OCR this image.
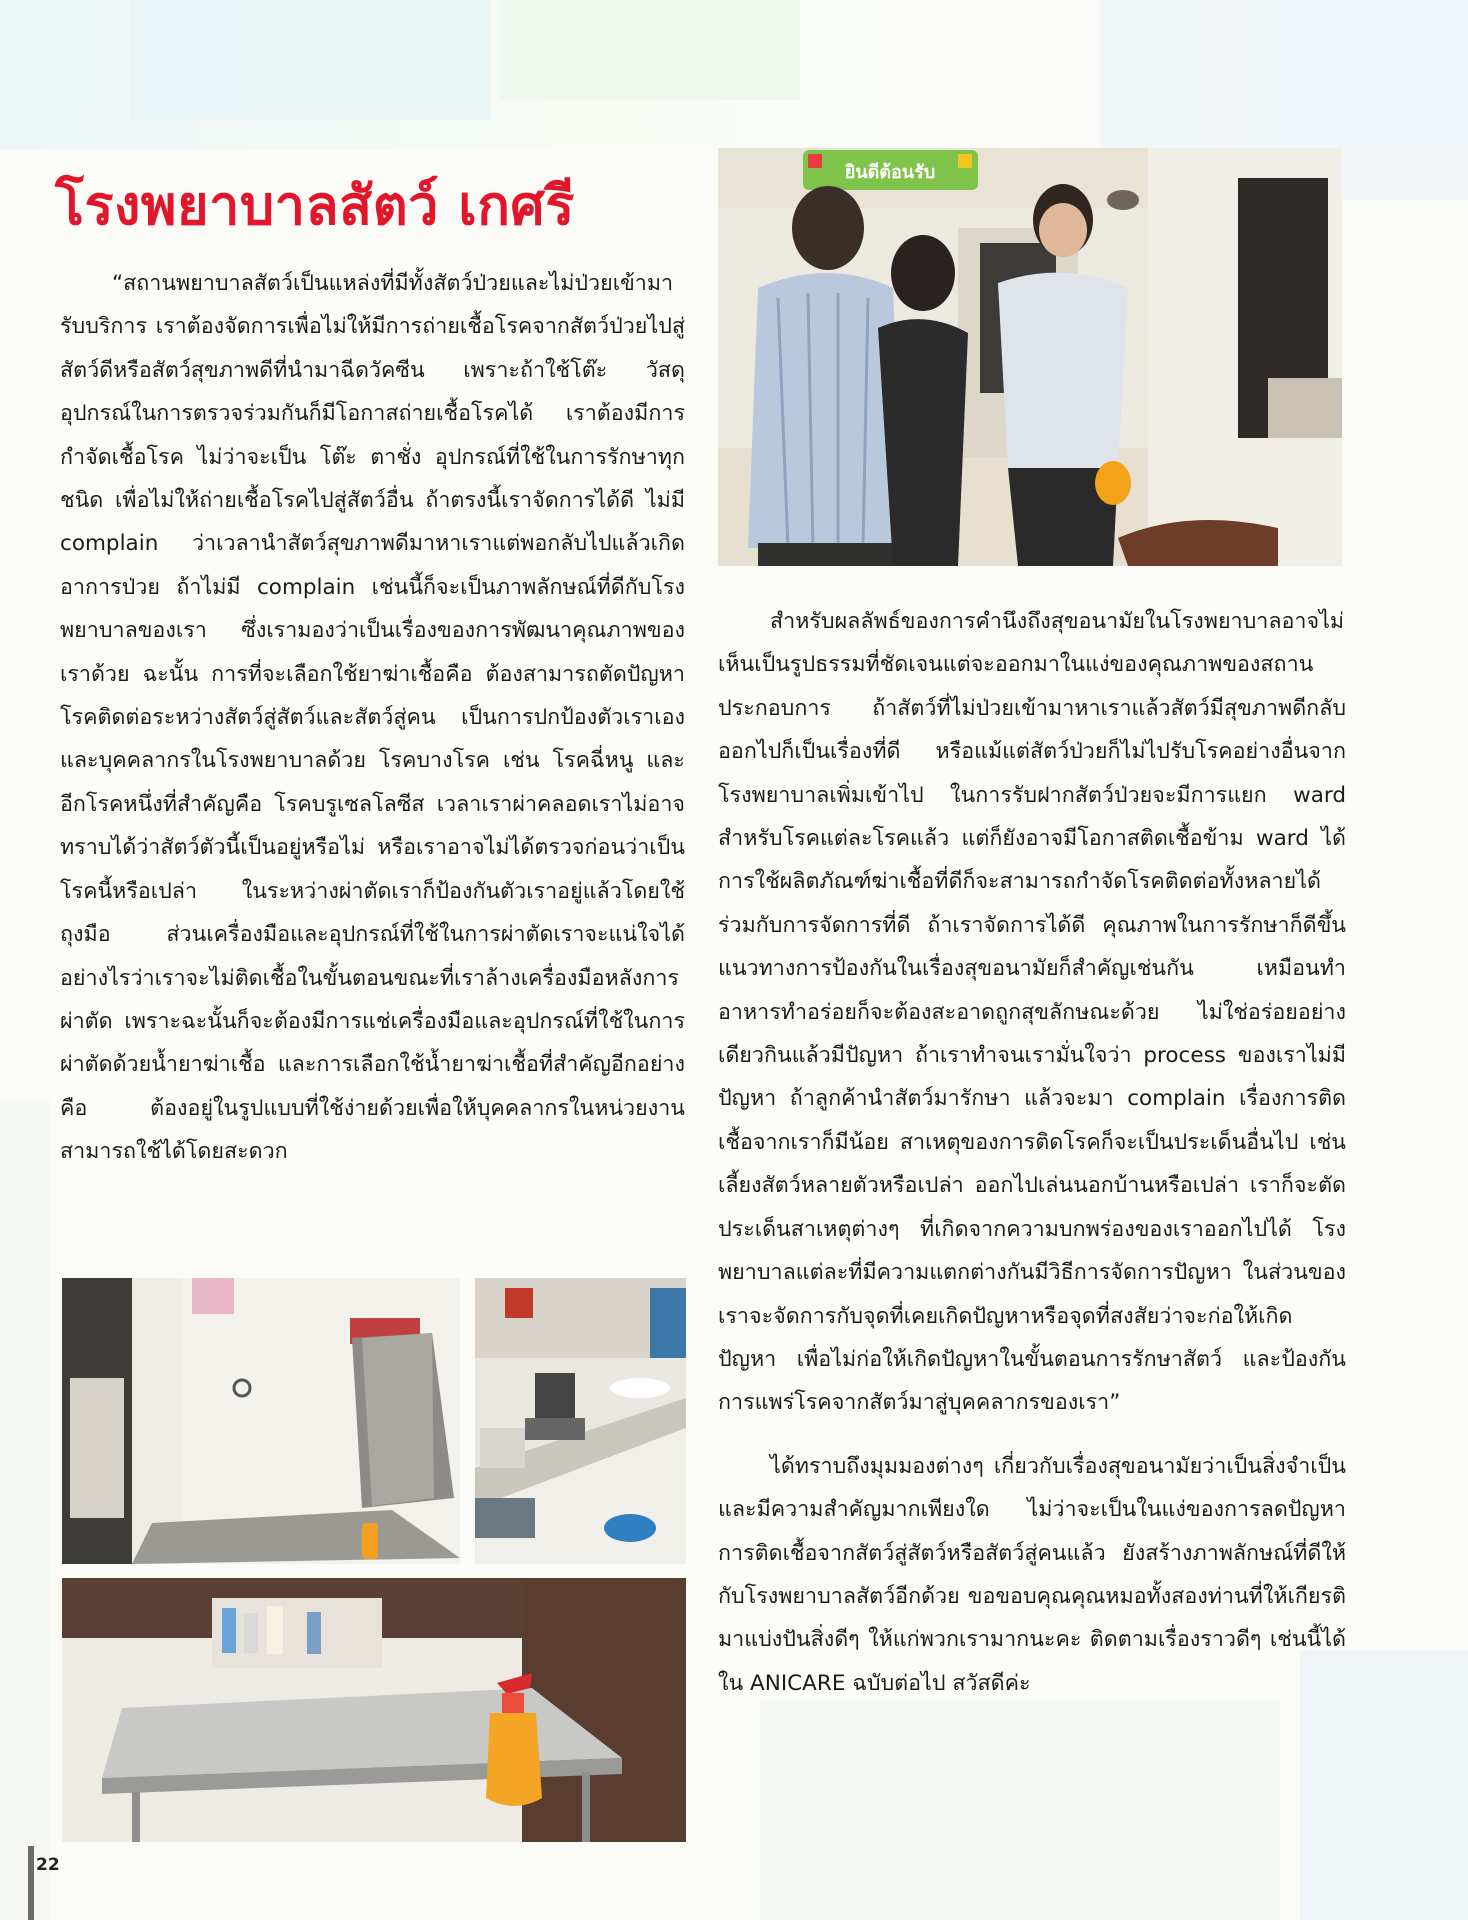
โรงพยาบาลสัตว์ เกศรี

“สถานพยาบาลสัตว์เป็นแหล่งที่มีทั้งสัตว์ป่วยและไม่ป่วยเข้ามารับบริการ เราต้องจัดการเพื่อไม่ให้มีการถ่ายเชื้อโรคจากสัตว์ป่วยไปสู่สัตว์ดีหรือสัตว์สุขภาพดีที่นำมาฉีดวัคซีน เพราะถ้าใช้โต๊ะ วัสดุอุปกรณ์ในการตรวจร่วมกันก็มีโอกาสถ่ายเชื้อโรคได้ เราต้องมีการกำจัดเชื้อโรค ไม่ว่าจะเป็น โต๊ะ ตาชั่ง อุปกรณ์ที่ใช้ในการรักษาทุกชนิด เพื่อไม่ให้ถ่ายเชื้อโรคไปสู่สัตว์อื่น ถ้าตรงนี้เราจัดการได้ดี ไม่มี complain ว่าเวลานำสัตว์สุขภาพดีมาหาเราแต่พอกลับไปแล้วเกิดอาการป่วย ถ้าไม่มี complain เช่นนี้ก็จะเป็นภาพลักษณ์ที่ดีกับโรงพยาบาลของเรา ซึ่งเรามองว่าเป็นเรื่องของการพัฒนาคุณภาพของเราด้วย ฉะนั้น การที่จะเลือกใช้ยาฆ่าเชื้อคือ ต้องสามารถตัดปัญหาโรคติดต่อระหว่างสัตว์สู่สัตว์และสัตว์สู่คน เป็นการปกป้องตัวเราเองและบุคคลากรในโรงพยาบาลด้วย โรคบางโรค เช่น โรคฉี่หนู และอีกโรคหนึ่งที่สำคัญคือ โรคบรูเซลโลซีส เวลาเราผ่าคลอดเราไม่อาจทราบได้ว่าสัตว์ตัวนี้เป็นอยู่หรือไม่ หรือเราอาจไม่ได้ตรวจก่อนว่าเป็นโรคนี้หรือเปล่า ในระหว่างผ่าตัดเราก็ป้องกันตัวเราอยู่แล้วโดยใช้ถุงมือ ส่วนเครื่องมือและอุปกรณ์ที่ใช้ในการผ่าตัดเราจะแน่ใจได้อย่างไรว่าเราจะไม่ติดเชื้อในขั้นตอนขณะที่เราล้างเครื่องมือหลังการผ่าตัด เพราะฉะนั้นก็จะต้องมีการแช่เครื่องมือและอุปกรณ์ที่ใช้ในการผ่าตัดด้วยน้ำยาฆ่าเชื้อ และการเลือกใช้น้ำยาฆ่าเชื้อที่สำคัญอีกอย่างคือ ต้องอยู่ในรูปแบบที่ใช้ง่ายด้วยเพื่อให้บุคคลากรในหน่วยงานสามารถใช้ได้โดยสะดวก

ยินดีต้อนรับ

สำหรับผลลัพธ์ของการคำนึงถึงสุขอนามัยในโรงพยาบาลอาจไม่เห็นเป็นรูปธรรมที่ชัดเจนแต่จะออกมาในแง่ของคุณภาพของสถานประกอบการ ถ้าสัตว์ที่ไม่ป่วยเข้ามาหาเราแล้วสัตว์มีสุขภาพดีกลับออกไปก็เป็นเรื่องที่ดี หรือแม้แต่สัตว์ป่วยก็ไม่ไปรับโรคอย่างอื่นจากโรงพยาบาลเพิ่มเข้าไป ในการรับฝากสัตว์ป่วยจะมีการแยก ward สำหรับโรคแต่ละโรคแล้ว แต่ก็ยังอาจมีโอกาสติดเชื้อข้าม ward ได้ การใช้ผลิตภัณฑ์ฆ่าเชื้อที่ดีก็จะสามารถกำจัดโรคติดต่อทั้งหลายได้ ร่วมกับการจัดการที่ดี ถ้าเราจัดการได้ดี คุณภาพในการรักษาก็ดีขึ้น แนวทางการป้องกันในเรื่องสุขอนามัยก็สำคัญเช่นกัน เหมือนทำอาหารทำอร่อยก็จะต้องสะอาดถูกสุขลักษณะด้วย ไม่ใช่อร่อยอย่างเดียวกินแล้วมีปัญหา ถ้าเราทำจนเรามั่นใจว่า process ของเราไม่มีปัญหา ถ้าลูกค้านำสัตว์มารักษา แล้วจะมา complain เรื่องการติดเชื้อจากเราก็มีน้อย สาเหตุของการติดโรคก็จะเป็นประเด็นอื่นไป เช่น เลี้ยงสัตว์หลายตัวหรือเปล่า ออกไปเล่นนอกบ้านหรือเปล่า เราก็จะตัดประเด็นสาเหตุต่างๆ ที่เกิดจากความบกพร่องของเราออกไปได้ โรงพยาบาลแต่ละที่มีความแตกต่างกันมีวิธีการจัดการปัญหา ในส่วนของเราจะจัดการกับจุดที่เคยเกิดปัญหาหรือจุดที่สงสัยว่าจะก่อให้เกิดปัญหา เพื่อไม่ก่อให้เกิดปัญหาในขั้นตอนการรักษาสัตว์ และป้องกันการแพร่โรคจากสัตว์มาสู่บุคคลากรของเรา”

ได้ทราบถึงมุมมองต่างๆ เกี่ยวกับเรื่องสุขอนามัยว่าเป็นสิ่งจำเป็นและมีความสำคัญมากเพียงใด ไม่ว่าจะเป็นในแง่ของการลดปัญหาการติดเชื้อจากสัตว์สู่สัตว์หรือสัตว์สู่คนแล้ว ยังสร้างภาพลักษณ์ที่ดีให้กับโรงพยาบาลสัตว์อีกด้วย ขอขอบคุณคุณหมอทั้งสองท่านที่ให้เกียรติมาแบ่งปันสิ่งดีๆ ให้แก่พวกเรามากนะคะ ติดตามเรื่องราวดีๆ เช่นนี้ได้ใน ANICARE ฉบับต่อไป สวัสดีค่ะ

22
